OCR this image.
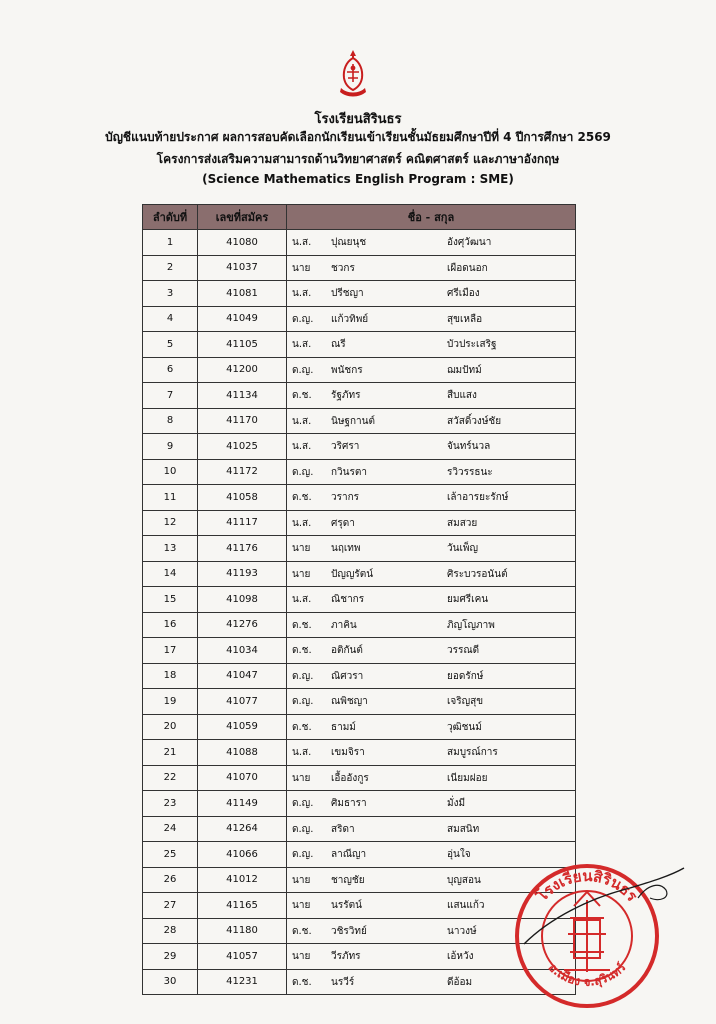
โรงเรียนสิรินธร
บัญชีแนบท้ายประกาศ ผลการสอบคัดเลือกนักเรียนเข้าเรียนชั้นมัธยมศึกษาปีที่ 4 ปีการศึกษา 2569
โครงการส่งเสริมความสามารถด้านวิทยาศาสตร์ คณิตศาสตร์ และภาษาอังกฤษ
(Science Mathematics English Program : SME)
ลำดับที่	เลขที่สมัคร	ชื่อ - สกุล
1	41080	น.ส. ปุณยนุช อังศุวัฒนา

2	41037	นาย ชวกร เผือดนอก

3	41081	น.ส. ปรีชญา ศรีเมือง

4	41049	ด.ญ. แก้วทิพย์ สุขเหลือ

5	41105	น.ส. ณรี บัวประเสริฐ

6	41200	ด.ญ. พนัชกร ฌมปัทม์

7	41134	ด.ช. รัฐภัทร สืบแสง

8	41170	น.ส. นิษฐกานต์ สวัสดิ์วงษ์ชัย

9	41025	น.ส. วริศรา จันทร์นวล

10	41172	ด.ญ. กวินรตา รวิวรรธนะ

11	41058	ด.ช. วรากร เล้าอารยะรักษ์

12	41117	น.ส. ศรุดา สมสวย

13	41176	นาย นฤเทพ วันเพ็ญ

14	41193	นาย ปัญญรัตน์ ศิระบวรอนันต์

15	41098	น.ส. ณิชากร ยมศรีเคน

16	41276	ด.ช. ภาคิน ภิญโญภาพ

17	41034	ด.ช. อติกันต์ วรรณดี

18	41047	ด.ญ. ณิศวรา ยอดรักษ์

19	41077	ด.ญ. ณพิชญา เจริญสุข

20	41059	ด.ช. ธามม์ วุฒิชนม์

21	41088	น.ส. เขมจิรา สมบูรณ์การ

22	41070	นาย เอื้ออังกูร เนียมฝอย

23	41149	ด.ญ. ศิมธารา มั่งมี

24	41264	ด.ญ. สริดา สมสนิท

25	41066	ด.ญ. ลาณีญา อุ่นใจ

26	41012	นาย ชาญชัย บุญสอน

27	41165	นาย นรรัตน์ แสนแก้ว

28	41180	ด.ช. วชิรวิทย์ นาวงษ์

29	41057	นาย วีรภัทร เอ้หวัง

30	41231	ด.ช. นรวีร์ ดีอ้อม
โรงเรียนสิรินธร
อ.เมือง จ.สุรินทร์
